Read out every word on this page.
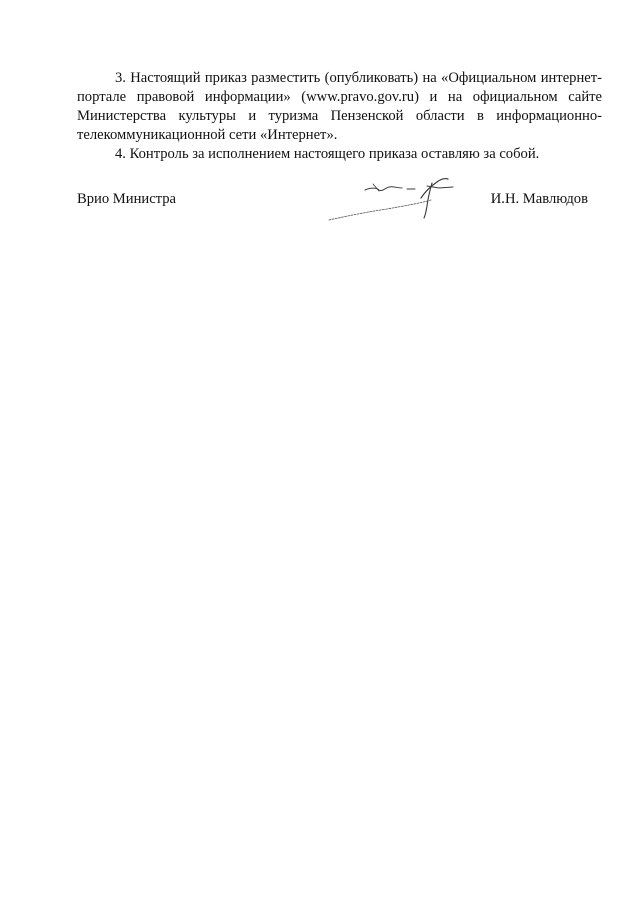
3. Настоящий приказ разместить (опубликовать) на «Официальном интернет-портале правовой информации» (www.pravo.gov.ru) и на официальном сайте Министерства культуры и туризма Пензенской области в информационно-телекоммуникационной сети «Интернет».

4. Контроль за исполнением настоящего приказа оставляю за собой.

Врио Министра	И.Н. Мавлюдов
